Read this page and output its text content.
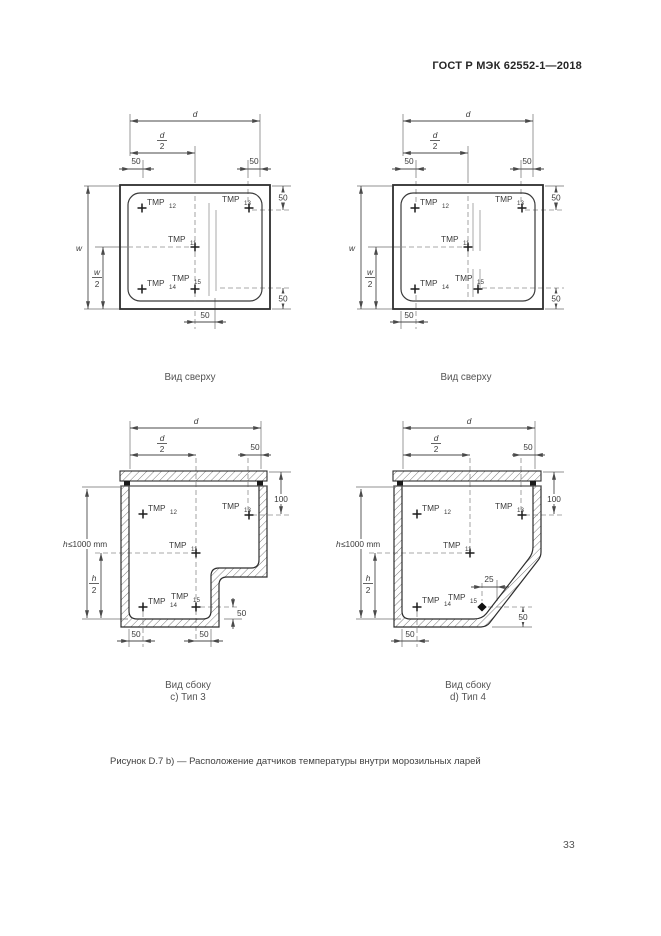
ГОСТ Р МЭК 62552-1—2018
d
d
2
50	50
50
50
w
w
2
50
TMP 12
TMP 13
TMP 11
TMP 14
TMP 15
Вид сверху
d
d
2
50	50
50
50
w
w
2
50
TMP 12
TMP 13
TMP 11
TMP 14
TMP 15
Вид сверху
d
d
2	50
100
h ≤1000 mm
h
2
50
50	50
TMP 12
TMP 13
TMP 11
TMP 14
TMP 15
Вид сбоку
c) Тип 3
d
d
2	50
100
h ≤1000 mm
h
2
25
50
50
TMP 12
TMP 13
TMP 11
TMP 14
TMP 15
Вид сбоку
d) Тип 4
Рисунок D.7 b) — Расположение датчиков температуры внутри морозильных ларей
33
